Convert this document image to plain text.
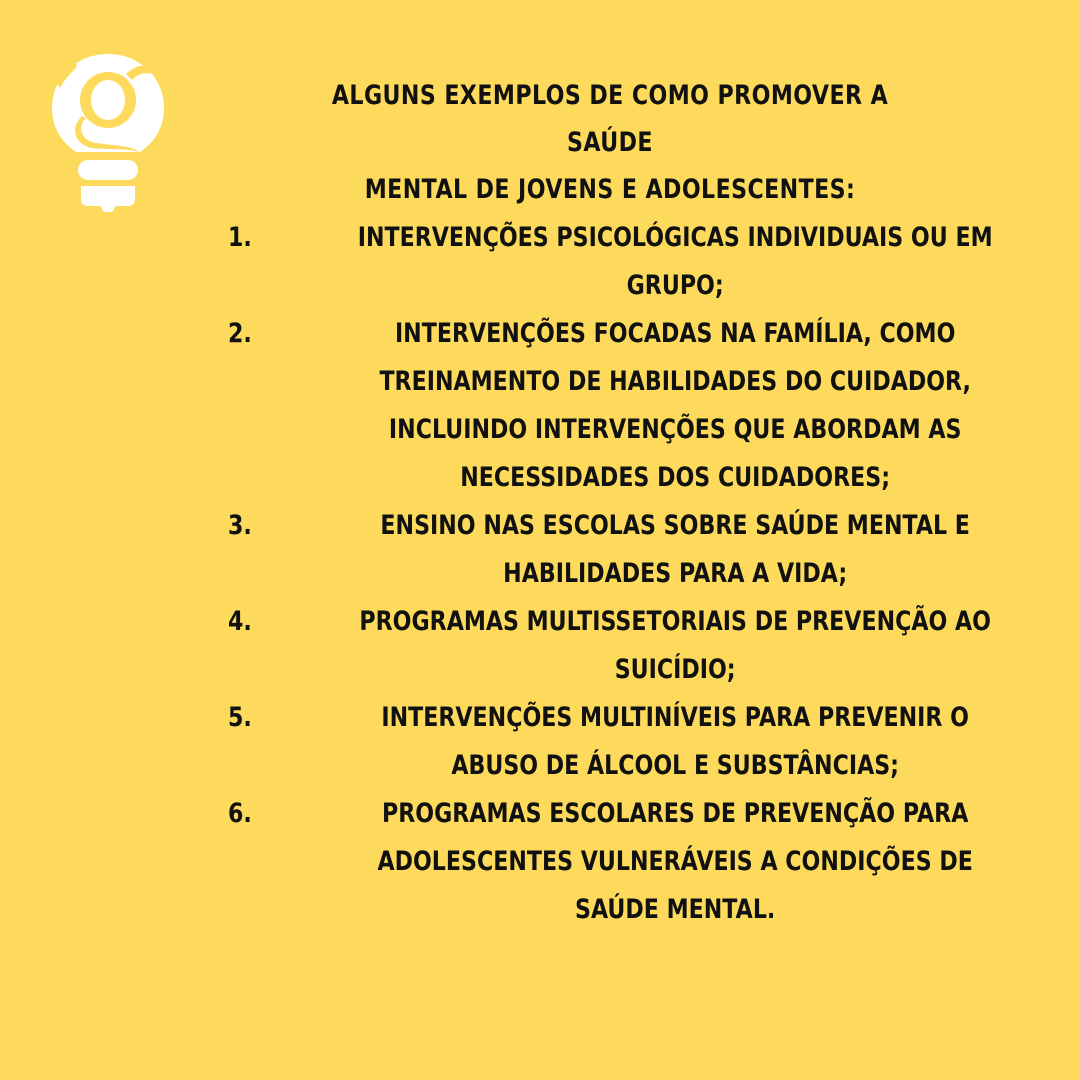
ALGUNS EXEMPLOS DE COMO PROMOVER A SAÚDE
MENTAL DE JOVENS E ADOLESCENTES:
1.	INTERVENÇÕES PSICOLÓGICAS INDIVIDUAIS OU EM
GRUPO;
2.	INTERVENÇÕES FOCADAS NA FAMÍLIA, COMO
TREINAMENTO DE HABILIDADES DO CUIDADOR,
INCLUINDO INTERVENÇÕES QUE ABORDAM AS
NECESSIDADES DOS CUIDADORES;
3.	ENSINO NAS ESCOLAS SOBRE SAÚDE MENTAL E
HABILIDADES PARA A VIDA;
4.	PROGRAMAS MULTISSETORIAIS DE PREVENÇÃO AO
SUICÍDIO;
5.	INTERVENÇÕES MULTINÍVEIS PARA PREVENIR O
ABUSO DE ÁLCOOL E SUBSTÂNCIAS;
6.	PROGRAMAS ESCOLARES DE PREVENÇÃO PARA
ADOLESCENTES VULNERÁVEIS A CONDIÇÕES DE
SAÚDE MENTAL.
